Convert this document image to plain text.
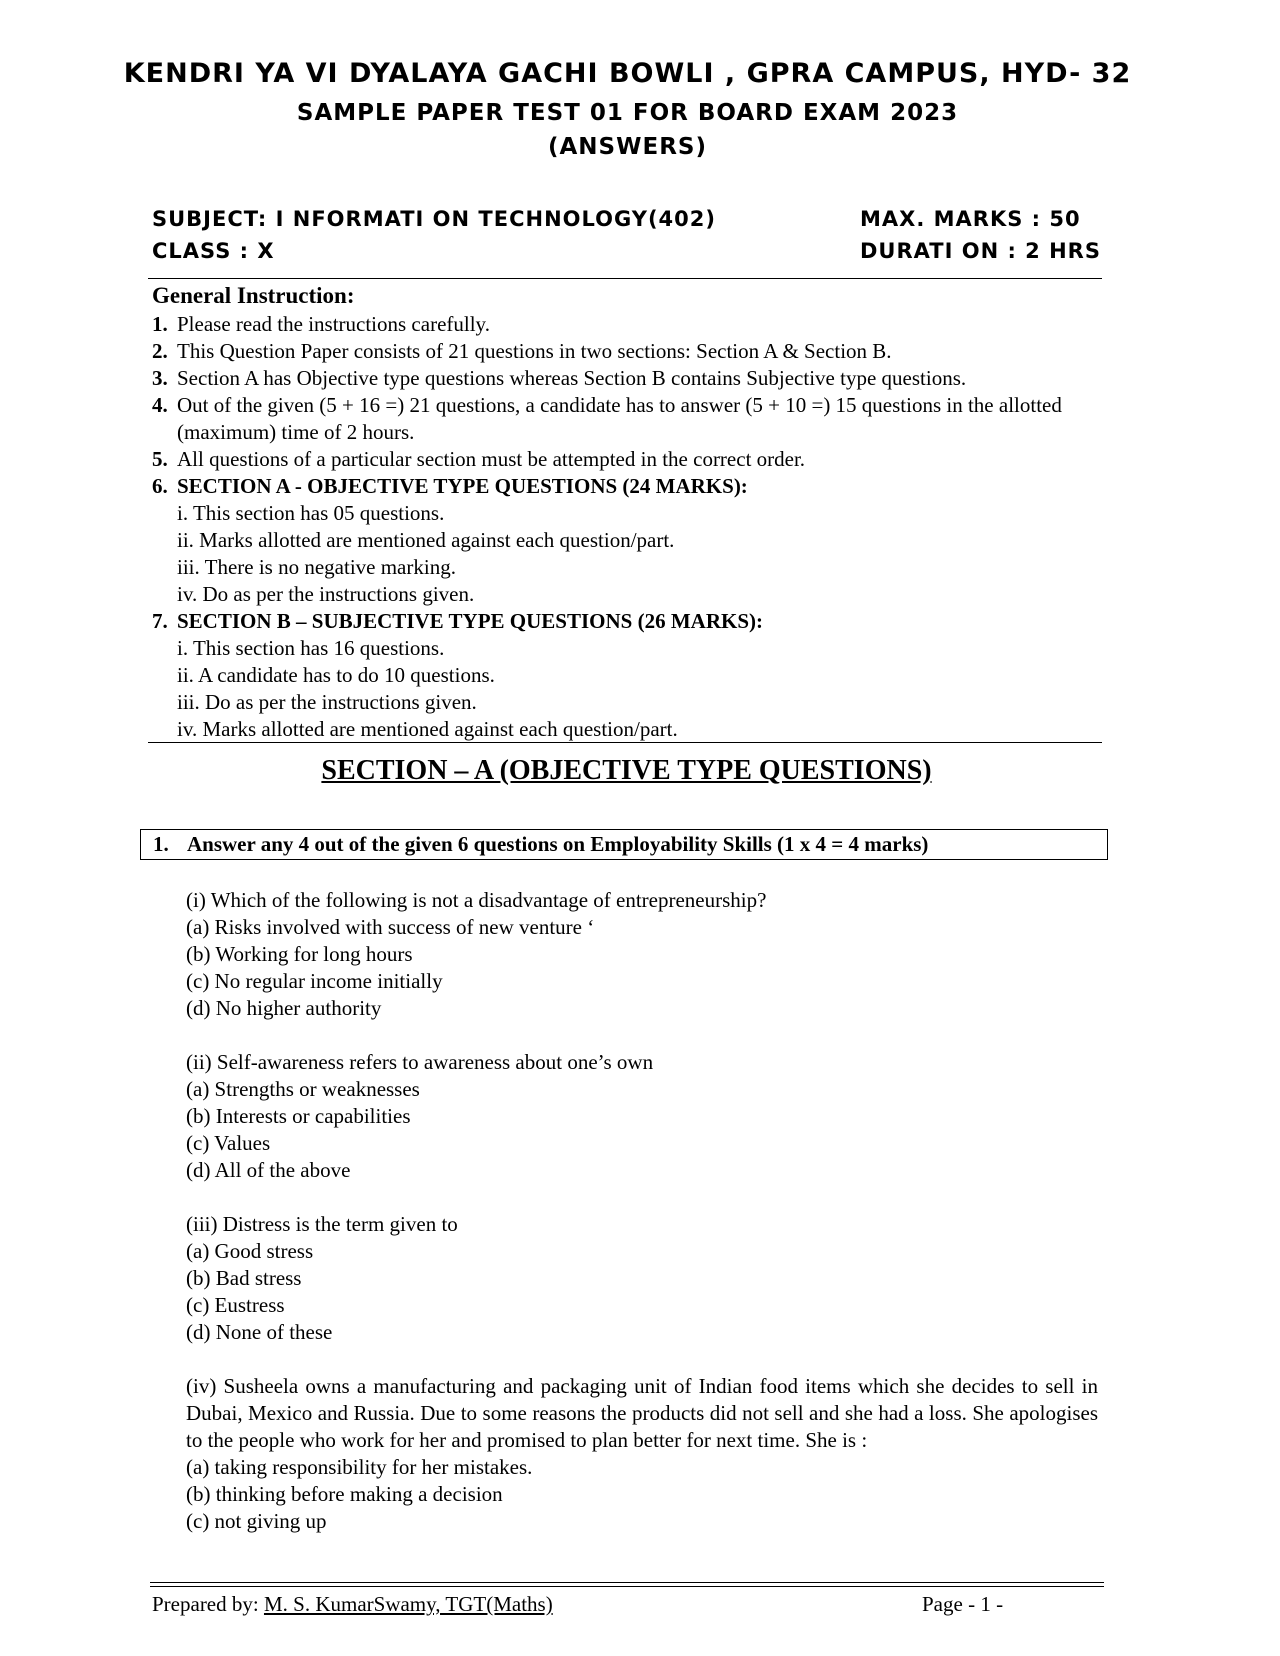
KENDRI YA VI DYALAYA GACHI BOWLI , GPRA CAMPUS, HYD- 32
SAMPLE PAPER TEST 01 FOR BOARD EXAM 2023
(ANSWERS)
SUBJECT: I NFORMATI ON TECHNOLOGY(402)
CLASS : X
MAX. MARKS : 50
DURATI ON : 2 HRS
General Instruction:
1. Please read the instructions carefully.
2. This Question Paper consists of 21 questions in two sections: Section A & Section B.
3. Section A has Objective type questions whereas Section B contains Subjective type questions.
4. Out of the given (5 + 16 =) 21 questions, a candidate has to answer (5 + 10 =) 15 questions in the allotted (maximum) time of 2 hours.
5. All questions of a particular section must be attempted in the correct order.
6. SECTION A - OBJECTIVE TYPE QUESTIONS (24 MARKS):
i. This section has 05 questions.
ii. Marks allotted are mentioned against each question/part.
iii. There is no negative marking.
iv. Do as per the instructions given.
7. SECTION B – SUBJECTIVE TYPE QUESTIONS (26 MARKS):
i. This section has 16 questions.
ii. A candidate has to do 10 questions.
iii. Do as per the instructions given.
iv. Marks allotted are mentioned against each question/part.
SECTION – A (OBJECTIVE TYPE QUESTIONS)
1. Answer any 4 out of the given 6 questions on Employability Skills (1 x 4 = 4 marks)
(i) Which of the following is not a disadvantage of entrepreneurship?
(a) Risks involved with success of new venture ‘
(b) Working for long hours
(c) No regular income initially
(d) No higher authority
(ii) Self-awareness refers to awareness about one’s own
(a) Strengths or weaknesses
(b) Interests or capabilities
(c) Values
(d) All of the above
(iii) Distress is the term given to
(a) Good stress
(b) Bad stress
(c) Eustress
(d) None of these
(iv) Susheela owns a manufacturing and packaging unit of Indian food items which she decides to sell in Dubai, Mexico and Russia. Due to some reasons the products did not sell and she had a loss. She apologises to the people who work for her and promised to plan better for next time. She is :
(a) taking responsibility for her mistakes.
(b) thinking before making a decision
(c) not giving up
Prepared by: M. S. KumarSwamy, TGT(Maths)	Page - 1 -
